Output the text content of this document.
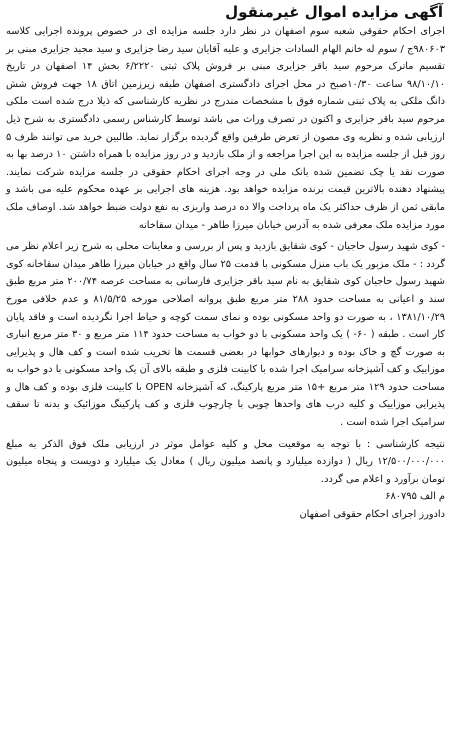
آگهی مزایده اموال غیرمنقول

اجرای احکام حقوقی شعبه سوم اصفهان در نظر دارد جلسه مزایده ای در خصوص پرونده اجرایی کلاسه ۹۸۰۶۰۳ج / سوم له خانم الهام السادات جزایری و علیه آقایان سید رضا جزایری و سید مجید جزایری مبنی بر تقسیم ماترک مرحوم سید باقر جزایری مبنی بر فروش پلاک ثبتی ۶/۲۲۲۰ بخش ۱۴ اصفهان در تاریخ ۹۸/۱۰/۱۰ ساعت ۱۰/۳۰صبح در محل اجرای دادگستری اصفهان طبقه زیرزمین اتاق ۱۸ جهت فروش شش دانگ ملکی به پلاک ثبتی شماره فوق با مشخصات مندرج در نظریه کارشناسی که ذیلا درج شده است ملکی مرحوم سید باقر جزایری و اکنون در تصرف وراث می باشد توسط کارشناس رسمی دادگستری به شرح ذیل ارزیابی شده و نظریه وی مصون از تعرض طرفین واقع گردیده برگزار نماید. طالبین خرید می توانند ظرف ۵ روز قبل از جلسه مزایده به این اجرا مراجعه و از ملک بازدید و در روز مزایده با همراه داشتن ۱۰ درصد بها به صورت نقد یا چک تضمین شده بانک ملی در وجه اجرای احکام حقوقی در جلسه مزایده شرکت نمایند. پیشنهاد دهنده بالاترین قیمت برنده مزایده خواهد بود. هزینه های اجرایی بر عهده محکوم علیه می باشد و مابقی ثمن از ظرف حداکثر یک ماه پرداخت والا ده درصد واریزی به نفع دولت ضبط خواهد شد. اوصاف ملک مورد مزایده ملک معرفی شده به آدرس خیابان میرزا طاهر - میدان سقاخانه

- کوی شهید رسول حاجیان - کوی شقایق بازدید و پس از بررسی و معاینات محلی به شرح زیر اعلام نظر می گردد : - ملک مزبور یک باب منزل مسکونی با قدمت ۲۵ سال واقع در خیابان میرزا طاهر میدان سقاخانه کوی شهید رسول حاجیان کوی شقایق به نام سید باقر جزایری فارسانی به مساحت عرصه ۲۰۰/۷۴ متر مربع طبق سند و اعیانی به مساحت حدود ۲۸۸ متر مربع طبق پروانه اصلاحی مورخه ۸۱/۵/۲۵ و عدم خلافی مورخ ۱۳۸۱/۱۰/۲۹ ، به صورت دو واحد مسکونی بوده و نمای سمت کوچه و حیاط اجرا نگردیده است و فاقد پایان کار است . طبقه ( ۶۰- ) یک واحد مسکونی با دو خواب به مساحت حدود ۱۱۴ متر مربع و ۳۰ متر مربع انباری به صورت گچ و خاک بوده و دیوارهای خوابها در بعضی قسمت ها تخریب شده است و کف هال و پذیرایی موزاییک و کف آشپزخانه سرامیک اجرا شده با کابینت فلزی و طبقه بالای آن یک واحد مسکونی با دو خواب به مساحت حدود ۱۲۹ متر مربع +۱۵ متر مربع پارکینگ، که آشپزخانه OPEN با کابینت فلزی بوده و کف هال و پذیرایی موزاییک و کلیه درب های واحدها چوبی با چارچوب فلزی و کف پارکینگ موزائیک و بدنه تا سقف سرامیک اجرا شده است .

نتیجه کارشناسی : با توجه به موقعیت محل و کلیه عوامل موثر در ارزیابی ملک فوق الذکر به مبلغ ۱۲/۵۰۰/۰۰۰/۰۰۰ ریال ( دوازده میلیارد و پانصد میلیون ریال ) معادل یک میلیارد و دویست و پنجاه میلیون تومان برآورد و اعلام می گردد.

م الف ۶۸۰۷۹۵

دادورز اجرای احکام حقوقی اصفهان
